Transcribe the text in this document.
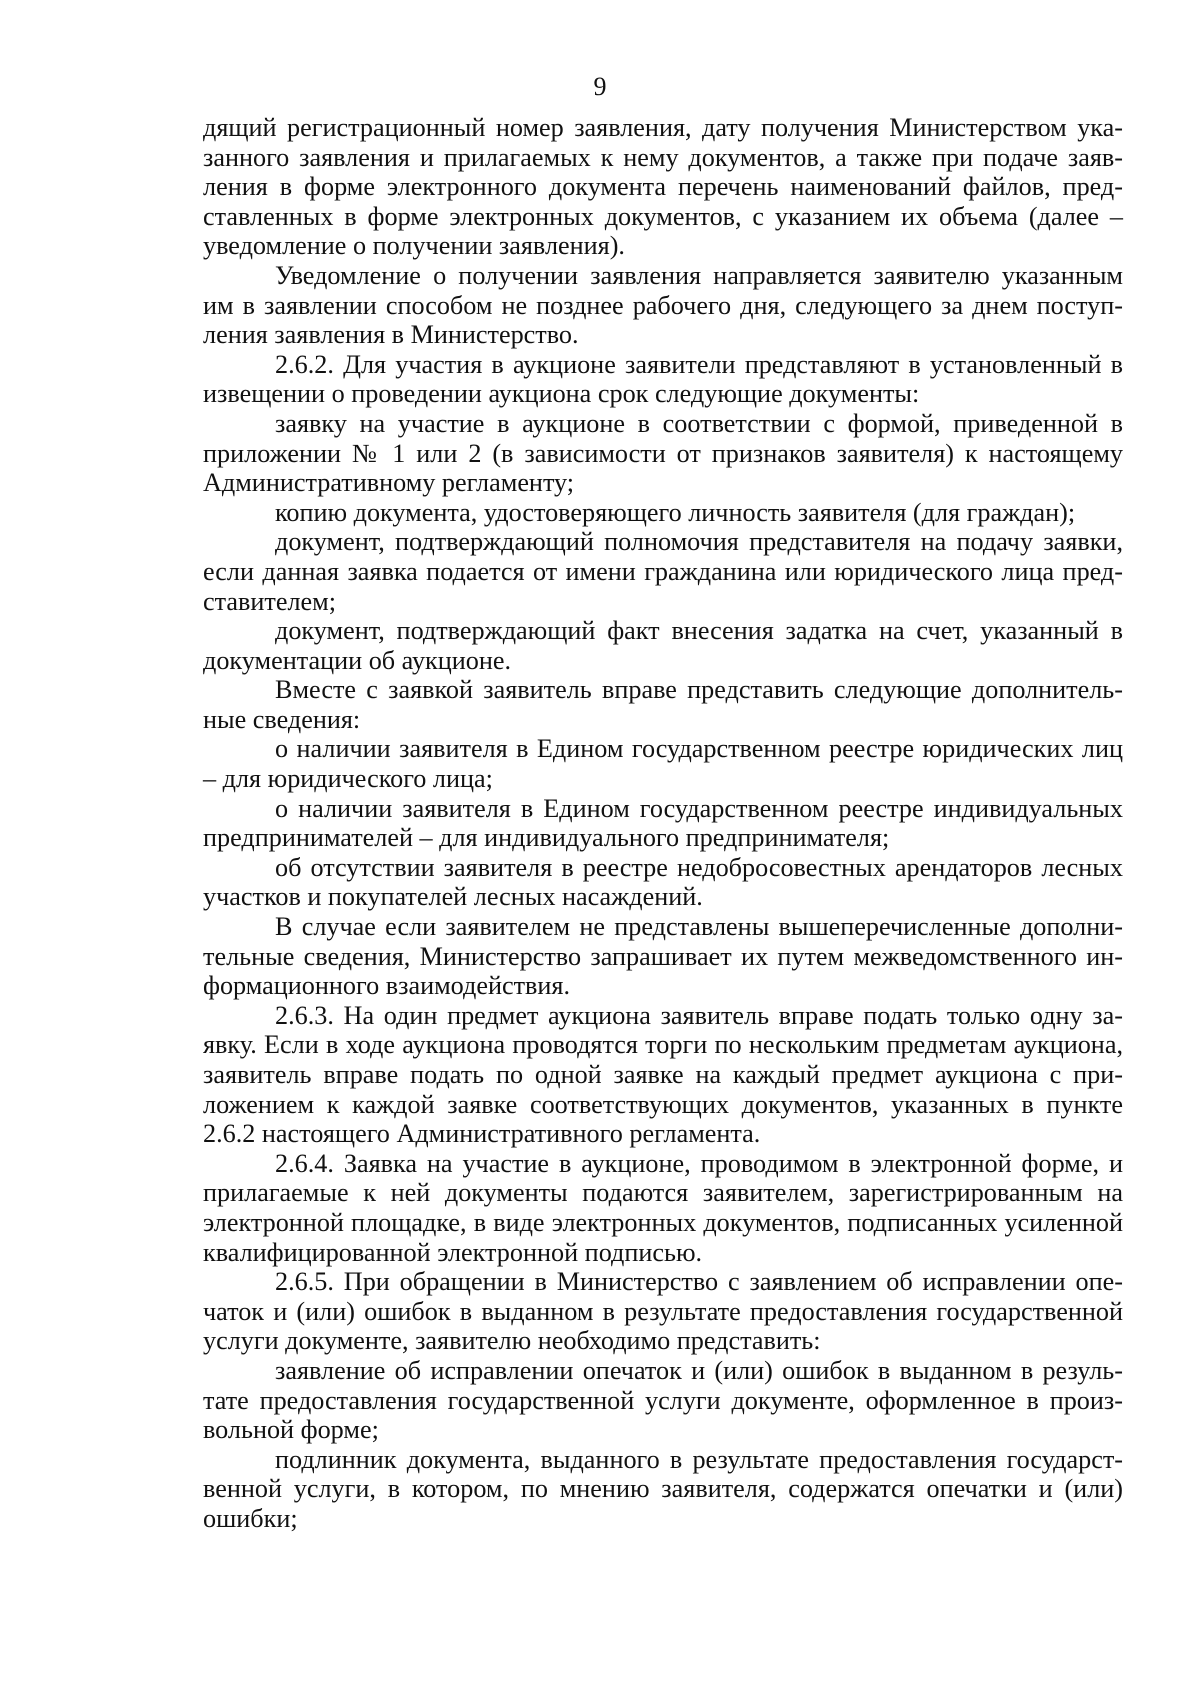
9

дящий регистрационный номер заявления, дату получения Министерством указанного заявления и прилагаемых к нему документов, а также при подаче заявления в форме электронного документа перечень наименований файлов, представленных в форме электронных документов, с указанием их объема (далее – уведомление о получении заявления).

Уведомление о получении заявления направляется заявителю указанным им в заявлении способом не позднее рабочего дня, следующего за днем поступления заявления в Министерство.

2.6.2. Для участия в аукционе заявители представляют в установленный в извещении о проведении аукциона срок следующие документы:

заявку на участие в аукционе в соответствии с формой, приведенной в приложении № 1 или 2 (в зависимости от признаков заявителя) к настоящему Административному регламенту;

копию документа, удостоверяющего личность заявителя (для граждан);

документ, подтверждающий полномочия представителя на подачу заявки, если данная заявка подается от имени гражданина или юридического лица представителем;

документ, подтверждающий факт внесения задатка на счет, указанный в документации об аукционе.

Вместе с заявкой заявитель вправе представить следующие дополнительные сведения:

о наличии заявителя в Едином государственном реестре юридических лиц – для юридического лица;

о наличии заявителя в Едином государственном реестре индивидуальных предпринимателей – для индивидуального предпринимателя;

об отсутствии заявителя в реестре недобросовестных арендаторов лесных участков и покупателей лесных насаждений.

В случае если заявителем не представлены вышеперечисленные дополнительные сведения, Министерство запрашивает их путем межведомственного информационного взаимодействия.

2.6.3. На один предмет аукциона заявитель вправе подать только одну заявку. Если в ходе аукциона проводятся торги по нескольким предметам аукциона, заявитель вправе подать по одной заявке на каждый предмет аукциона с приложением к каждой заявке соответствующих документов, указанных в пункте 2.6.2 настоящего Административного регламента.

2.6.4. Заявка на участие в аукционе, проводимом в электронной форме, и прилагаемые к ней документы подаются заявителем, зарегистрированным на электронной площадке, в виде электронных документов, подписанных усиленной квалифицированной электронной подписью.

2.6.5. При обращении в Министерство с заявлением об исправлении опечаток и (или) ошибок в выданном в результате предоставления государственной услуги документе, заявителю необходимо представить:

заявление об исправлении опечаток и (или) ошибок в выданном в результате предоставления государственной услуги документе, оформленное в произвольной форме;

подлинник документа, выданного в результате предоставления государственной услуги, в котором, по мнению заявителя, содержатся опечатки и (или) ошибки;
